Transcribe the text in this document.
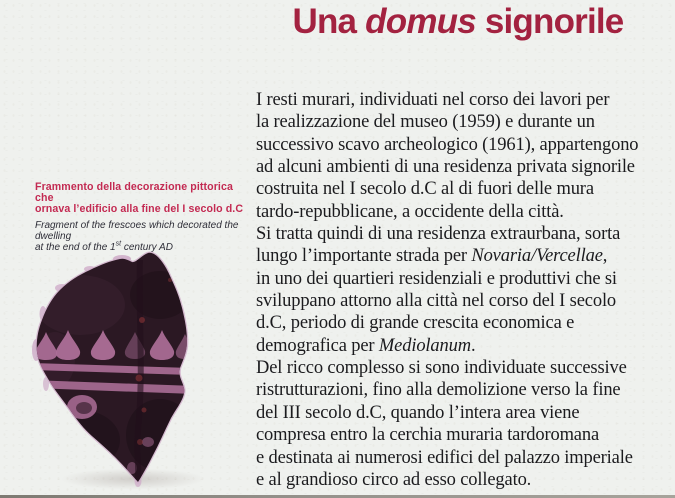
Una domus signorile
Frammento della decorazione pittorica che
ornava l’edificio alla fine del I secolo d.C
Fragment of the frescoes which decorated the dwelling
at the end of the 1st century AD
I resti murari, individuati nel corso dei lavori per
la realizzazione del museo (1959) e durante un
successivo scavo archeologico (1961), appartengono
ad alcuni ambienti di una residenza privata signorile
costruita nel I secolo d.C al di fuori delle mura
tardo-repubblicane, a occidente della città.
Si tratta quindi di una residenza extraurbana, sorta
lungo l’importante strada per Novaria/Vercellae,
in uno dei quartieri residenziali e produttivi che si
sviluppano attorno alla città nel corso del I secolo
d.C, periodo di grande crescita economica e
demografica per Mediolanum.
Del ricco complesso si sono individuate successive
ristrutturazioni, fino alla demolizione verso la fine
del III secolo d.C, quando l’intera area viene
compresa entro la cerchia muraria tardoromana
e destinata ai numerosi edifici del palazzo imperiale
e al grandioso circo ad esso collegato.
